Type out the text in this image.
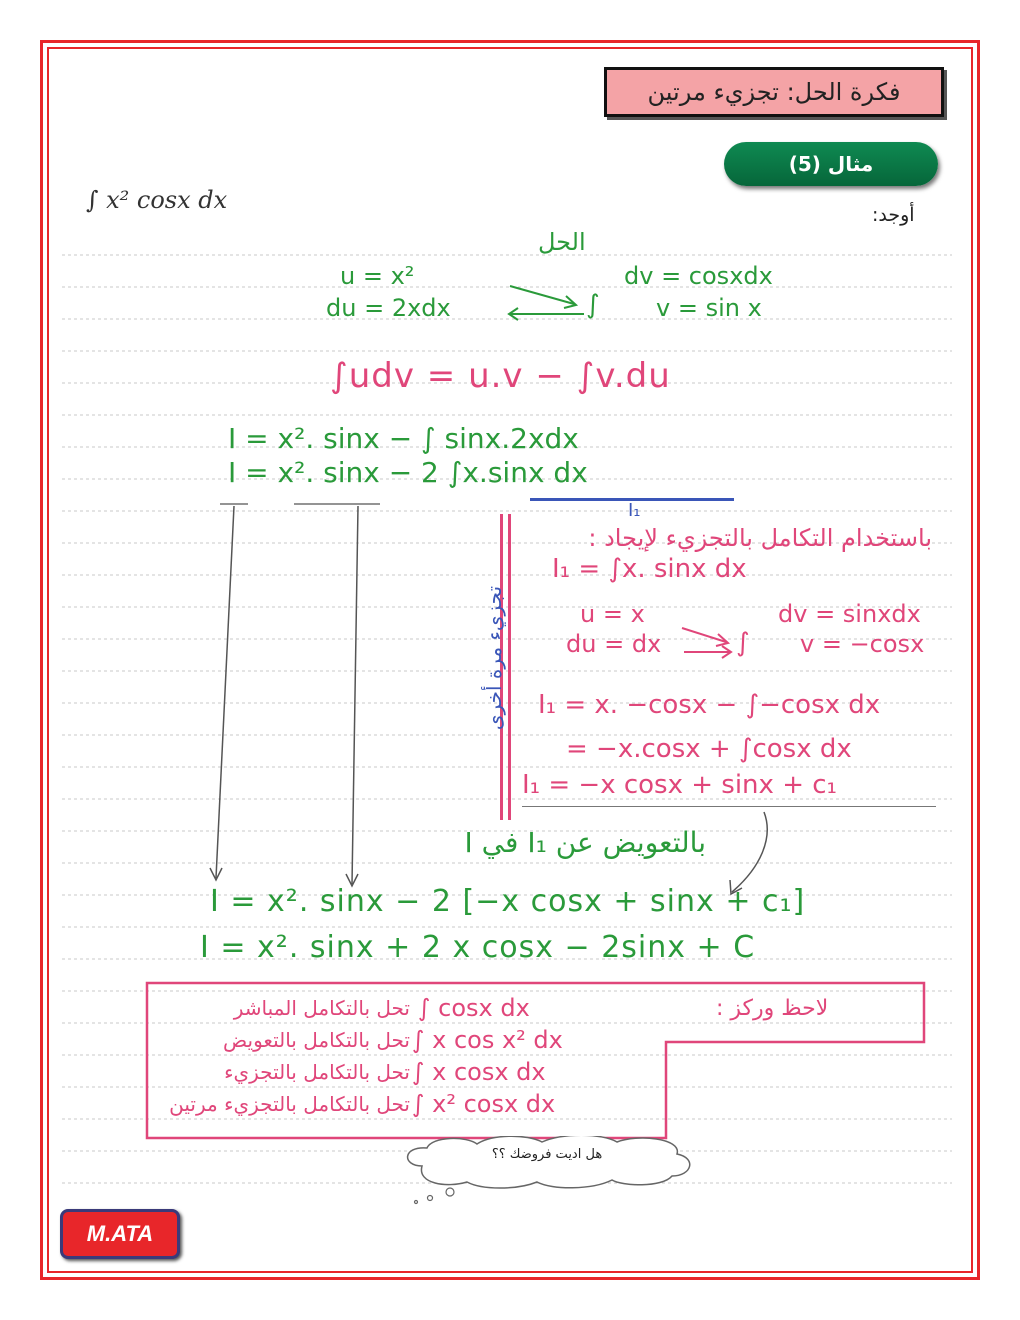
فكرة الحل: تجزيء مرتين
مثال (5)
أوجد:
∫ x² cosx dx
الحل
u = x²
du = 2xdx
dv = cosxdx
v = sin x
∫
∫udv = u.v − ∫v.du
I = x². sinx − ∫ sinx.2xdx
I = x². sinx − 2 ∫x.sinx dx
I₁
تجزيء مرة أخرى
باستخدام التكامل بالتجزيء لإيجاد :
I₁ = ∫x. sinx dx
u = x
du = dx
dv = sinxdx
v = −cosx
∫
I₁ = x. −cosx − ∫−cosx dx
= −x.cosx + ∫cosx dx
I₁ = −x cosx + sinx + c₁
بالتعويض عن I₁ في I
I = x². sinx − 2 [−x cosx + sinx + c₁]
I = x². sinx + 2 x cosx − 2sinx + C
لاحظ وركز :
تحل بالتكامل المباشر ∫ cosx dx
تحل بالتكامل بالتعويض ∫ x cos x² dx
تحل بالتكامل بالتجزيء ∫ x cosx dx
تحل بالتكامل بالتجزيء مرتين ∫ x² cosx dx
هل اديت فروضك ؟؟
M.ATA
